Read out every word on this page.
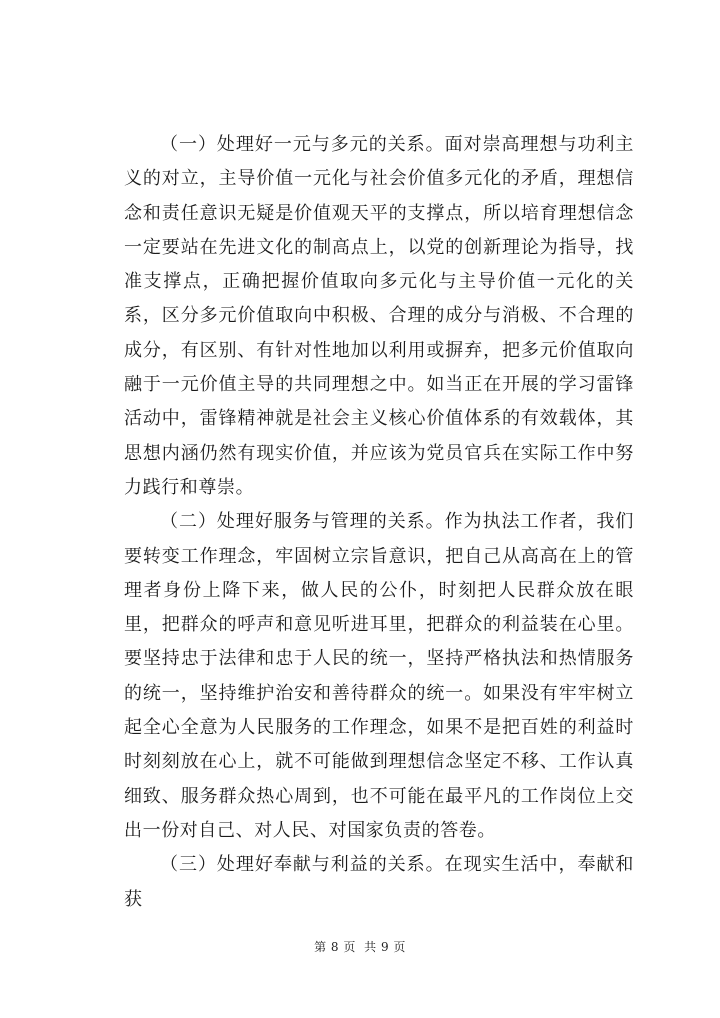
（一）处理好一元与多元的关系。面对崇高理想与功利主义的对立，主导价值一元化与社会价值多元化的矛盾，理想信念和责任意识无疑是价值观天平的支撑点，所以培育理想信念一定要站在先进文化的制高点上，以党的创新理论为指导，找准支撑点，正确把握价值取向多元化与主导价值一元化的关系，区分多元价值取向中积极、合理的成分与消极、不合理的成分，有区别、有针对性地加以利用或摒弃，把多元价值取向融于一元价值主导的共同理想之中。如当正在开展的学习雷锋活动中，雷锋精神就是社会主义核心价值体系的有效载体，其思想内涵仍然有现实价值，并应该为党员官兵在实际工作中努力践行和尊崇。

（二）处理好服务与管理的关系。作为执法工作者，我们要转变工作理念，牢固树立宗旨意识，把自己从高高在上的管理者身份上降下来，做人民的公仆，时刻把人民群众放在眼里，把群众的呼声和意见听进耳里，把群众的利益装在心里。要坚持忠于法律和忠于人民的统一，坚持严格执法和热情服务的统一，坚持维护治安和善待群众的统一。如果没有牢牢树立起全心全意为人民服务的工作理念，如果不是把百姓的利益时时刻刻放在心上，就不可能做到理想信念坚定不移、工作认真细致、服务群众热心周到，也不可能在最平凡的工作岗位上交出一份对自己、对人民、对国家负责的答卷。

（三）处理好奉献与利益的关系。在现实生活中，奉献和获

第 8 页 共 9 页
